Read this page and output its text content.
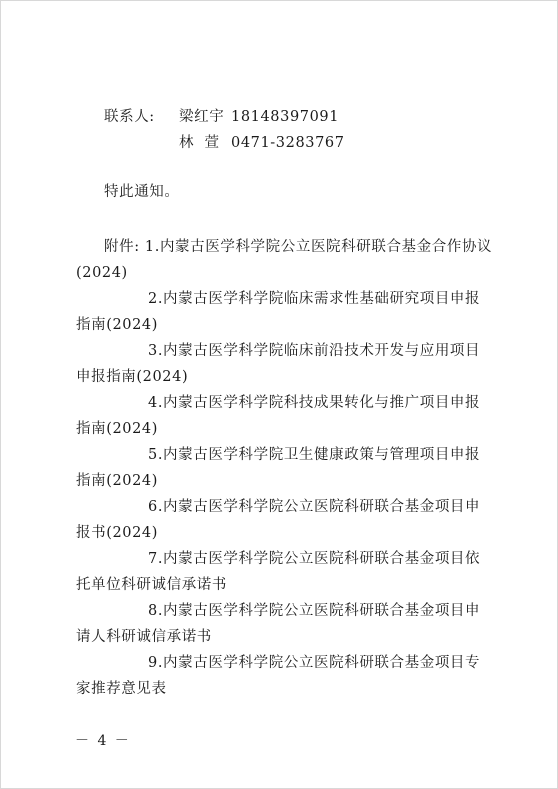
联系人: 梁红宇 18148397091
林  萱 0471-3283767
特此通知。
附件: 1.内蒙古医学科学院公立医院科研联合基金合作协议
(2024)
2.内蒙古医学科学院临床需求性基础研究项目申报
指南(2024)
3.内蒙古医学科学院临床前沿技术开发与应用项目
申报指南(2024)
4.内蒙古医学科学院科技成果转化与推广项目申报
指南(2024)
5.内蒙古医学科学院卫生健康政策与管理项目申报
指南(2024)
6.内蒙古医学科学院公立医院科研联合基金项目申
报书(2024)
7.内蒙古医学科学院公立医院科研联合基金项目依
托单位科研诚信承诺书
8.内蒙古医学科学院公立医院科研联合基金项目申
请人科研诚信承诺书
9.内蒙古医学科学院公立医院科研联合基金项目专
家推荐意见表
－ 4 －
